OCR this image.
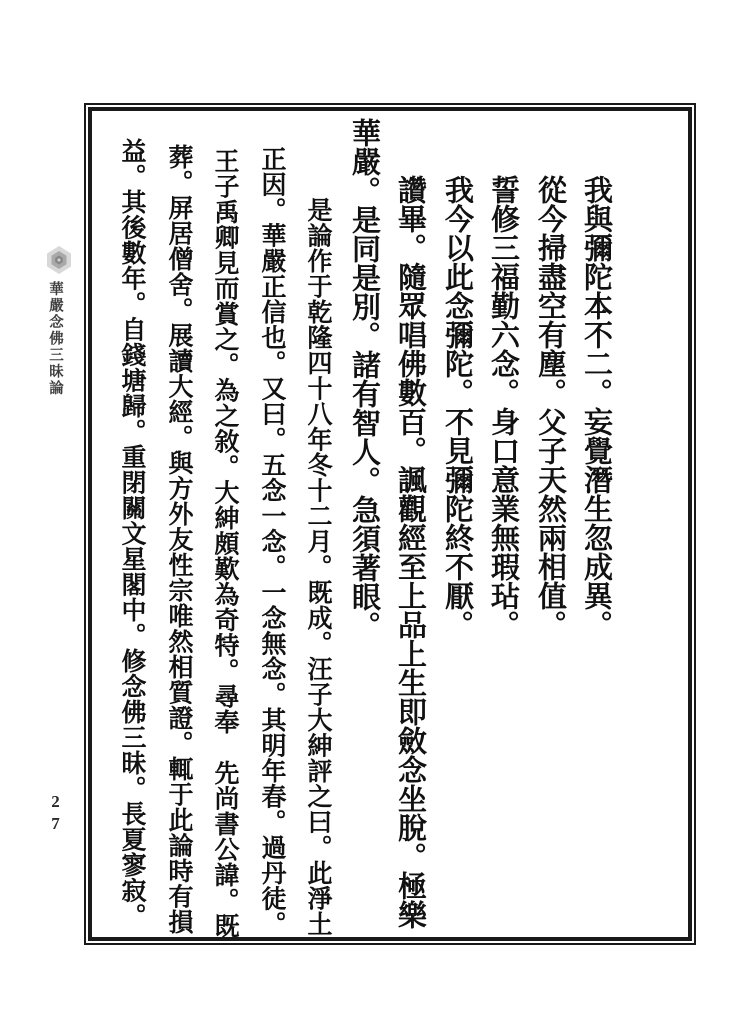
華嚴念佛三昧論
27
我與彌陀本不二。妄覺潛生忽成異。
從今掃盡空有塵。父子天然兩相值。
誓修三福勤六念。身口意業無瑕玷。
我今以此念彌陀。不見彌陀終不厭。
讚畢。隨眾唱佛數百。諷觀經至上品上生即斂念坐脫。極樂
華嚴。是同是別。諸有智人。急須著眼。
是論作于乾隆四十八年冬十二月。既成。汪子大紳評之曰。此淨土
正因。華嚴正信也。又曰。五念一念。一念無念。其明年春。過丹徒。
王子禹卿見而賞之。為之敘。大紳頗歎為奇特。尋奉　先尚書公諱。既
葬。屏居僧舍。展讀大經。與方外友性宗唯然相質證。輒于此論時有損
益。其後數年。自錢塘歸。重閉關文星閣中。修念佛三昧。長夏寥寂。
